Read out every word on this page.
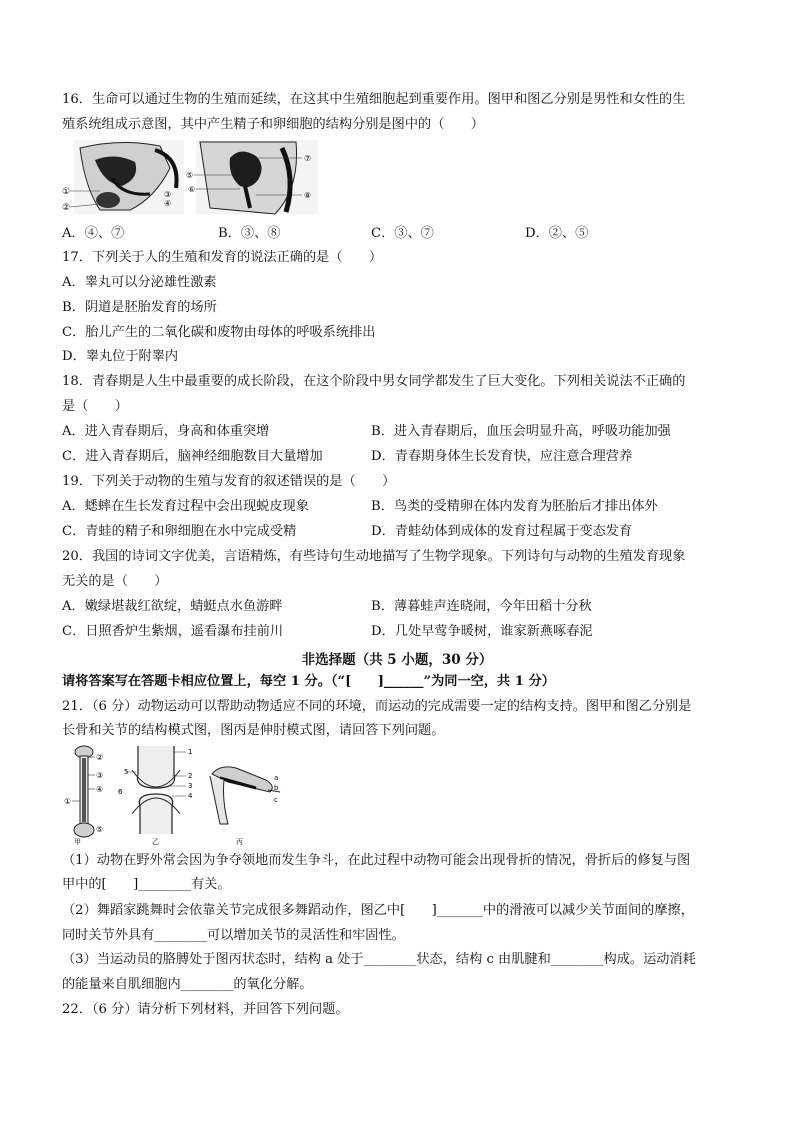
16．生命可以通过生物的生殖而延续，在这其中生殖细胞起到重要作用。图甲和图乙分别是男性和女性的生
殖系统组成示意图，其中产生精子和卵细胞的结构分别是图中的（　　）
①
②
③
④
⑤
⑥
⑦
⑧
A．④、⑦	B．③、⑧	C．③、⑦	D．②、⑤
17．下列关于人的生殖和发育的说法正确的是（　　）
A．睾丸可以分泌雄性激素
B．阴道是胚胎发育的场所
C．胎儿产生的二氧化碳和废物由母体的呼吸系统排出
D．睾丸位于附睾内
18．青春期是人生中最重要的成长阶段，在这个阶段中男女同学都发生了巨大变化。下列相关说法不正确的
是（　　）
A．进入青春期后，身高和体重突增	B．进入青春期后，血压会明显升高，呼吸功能加强
C．进入青春期后，脑神经细胞数目大量增加	D．青春期身体生长发育快，应注意合理营养
19．下列关于动物的生殖与发育的叙述错误的是（　　）
A．蟋蟀在生长发育过程中会出现蜕皮现象	B．鸟类的受精卵在体内发育为胚胎后才排出体外
C．青蛙的精子和卵细胞在水中完成受精	D．青蛙幼体到成体的发育过程属于变态发育
20．我国的诗词文字优美，言语精炼，有些诗句生动地描写了生物学现象。下列诗句与动物的生殖发育现象
无关的是（　　）
A．嫩绿堪裁红欲绽，蜻蜓点水鱼游畔	B．薄暮蛙声连晓闹，今年田稻十分秋
C．日照香炉生紫烟，遥看瀑布挂前川	D．几处早莺争暖树，谁家新燕啄春泥
非选择题（共 5 小题，30 分）
请将答案写在答题卡相应位置上，每空 1 分。（“[　　]______”为同一空，共 1 分）
21．（6 分）动物运动可以帮助动物适应不同的环境，而运动的完成需要一定的结构支持。图甲和图乙分别是
长骨和关节的结构模式图，图丙是伸肘模式图，请回答下列问题。
②
③
④
①
⑤
甲
1
2
3
4
5
6
乙
a
b
c
丙
（1）动物在野外常会因为争夺领地而发生争斗，在此过程中动物可能会出现骨折的情况，骨折后的修复与图
甲中的[　　]________有关。
（2）舞蹈家跳舞时会依靠关节完成很多舞蹈动作，图乙中[　　]_______中的滑液可以减少关节面间的摩擦，
同时关节外具有________可以增加关节的灵活性和牢固性。
（3）当运动员的胳膊处于图丙状态时，结构 a 处于________状态，结构 c 由肌腱和________构成。运动消耗
的能量来自肌细胞内________的氧化分解。
22．（6 分）请分析下列材料，并回答下列问题。
